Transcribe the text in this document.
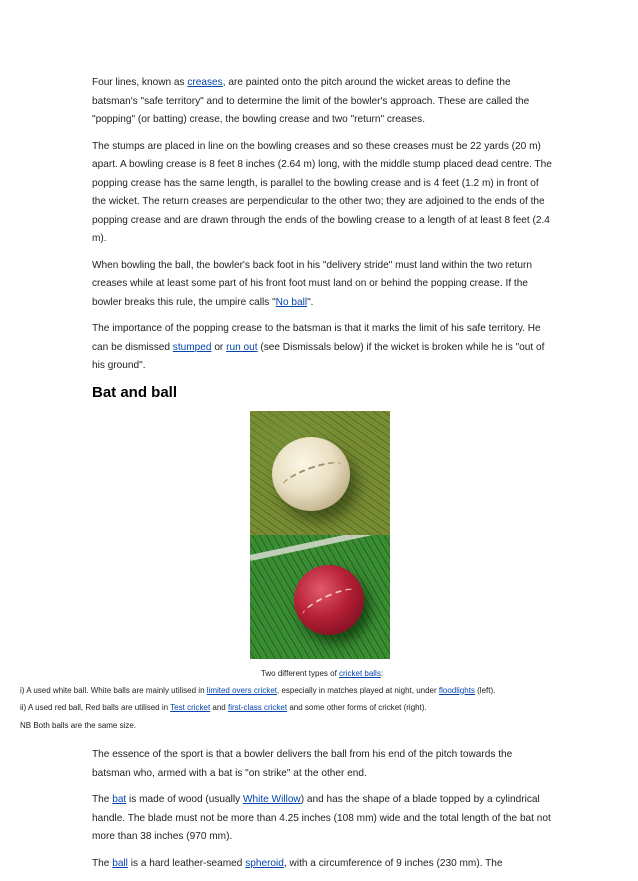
Four lines, known as creases, are painted onto the pitch around the wicket areas to define the batsman's "safe territory" and to determine the limit of the bowler's approach. These are called the "popping" (or batting) crease, the bowling crease and two "return" creases.

The stumps are placed in line on the bowling creases and so these creases must be 22 yards (20 m) apart. A bowling crease is 8 feet 8 inches (2.64 m) long, with the middle stump placed dead centre. The popping crease has the same length, is parallel to the bowling crease and is 4 feet (1.2 m) in front of the wicket. The return creases are perpendicular to the other two; they are adjoined to the ends of the popping crease and are drawn through the ends of the bowling crease to a length of at least 8 feet (2.4 m).

When bowling the ball, the bowler's back foot in his "delivery stride" must land within the two return creases while at least some part of his front foot must land on or behind the popping crease. If the bowler breaks this rule, the umpire calls "No ball".

The importance of the popping crease to the batsman is that it marks the limit of his safe territory. He can be dismissed stumped or run out (see Dismissals below) if the wicket is broken while he is "out of his ground".

Bat and ball
Two different types of cricket balls:

i) A used white ball. White balls are mainly utilised in limited overs cricket, especially in matches played at night, under floodlights (left).

ii) A used red ball, Red balls are utilised in Test cricket and first-class cricket and some other forms of cricket (right).

NB Both balls are the same size.

The essence of the sport is that a bowler delivers the ball from his end of the pitch towards the batsman who, armed with a bat is "on strike" at the other end.

The bat is made of wood (usually White Willow) and has the shape of a blade topped by a cylindrical handle. The blade must not be more than 4.25 inches (108 mm) wide and the total length of the bat not more than 38 inches (970 mm).

The ball is a hard leather-seamed spheroid, with a circumference of 9 inches (230 mm). The
